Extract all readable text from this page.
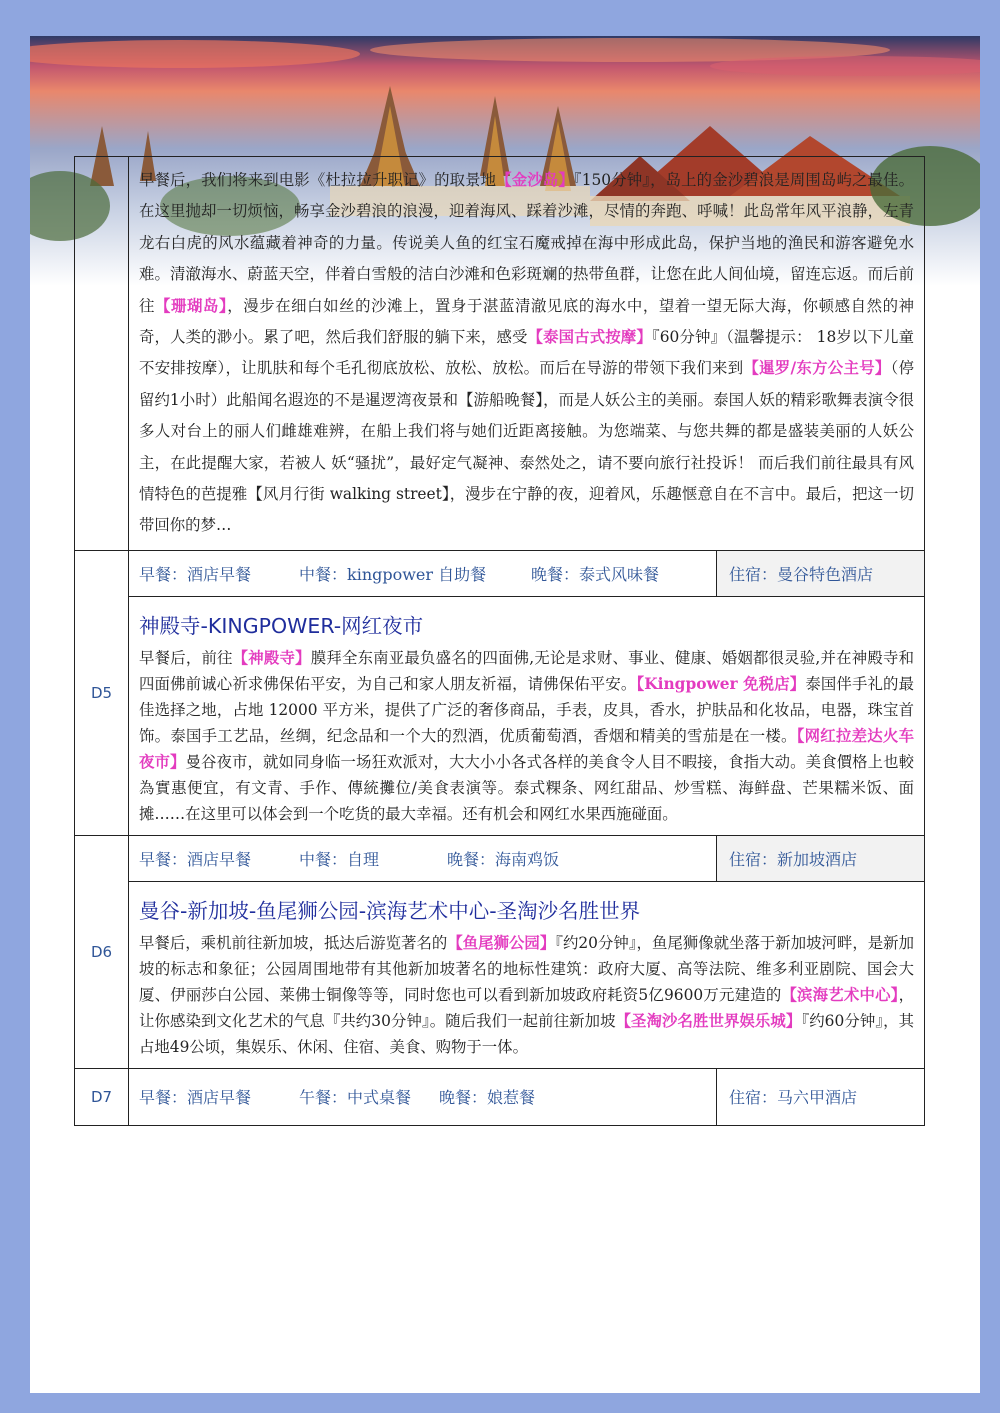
早餐后，我们将来到电影《杜拉拉升职记》的取景地【金沙岛】『150分钟』，岛上的金沙碧浪是周围岛屿之最佳。在这里抛却一切烦恼，畅享金沙碧浪的浪漫，迎着海风、踩着沙滩，尽情的奔跑、呼喊！此岛常年风平浪静，左青龙右白虎的风水蕴藏着神奇的力量。传说美人鱼的红宝石魔戒掉在海中形成此岛，保护当地的渔民和游客避免水难。清澈海水、蔚蓝天空，伴着白雪般的洁白沙滩和色彩斑斓的热带鱼群，让您在此人间仙境，留连忘返。而后前往【珊瑚岛】，漫步在细白如丝的沙滩上，置身于湛蓝清澈见底的海水中，望着一望无际大海，你顿感自然的神奇，人类的渺小。累了吧，然后我们舒服的躺下来，感受【泰国古式按摩】『60分钟』（温馨提示： 18岁以下儿童不安排按摩），让肌肤和每个毛孔彻底放松、放松、放松。而后在导游的带领下我们来到【暹罗/东方公主号】（停留约1小时）此船闻名遐迩的不是暹逻湾夜景和【游船晚餐】，而是人妖公主的美丽。泰国人妖的精彩歌舞表演令很多人对台上的丽人们雌雄难辨，在船上我们将与她们近距离接触。为您端菜、与您共舞的都是盛装美丽的人妖公主，在此提醒大家，若被人 妖“骚扰”，最好定气凝神、泰然处之，请不要向旅行社投诉！ 而后我们前往最具有风情特色的芭提雅【风月行街 walking street】，漫步在宁静的夜，迎着风，乐趣惬意自在不言中。最后，把这一切带回你的梦…
D5
早餐：酒店早餐	中餐：kingpower 自助餐	晚餐：泰式风味餐	住宿：曼谷特色酒店
神殿寺-KINGPOWER-网红夜市
早餐后，前往【神殿寺】膜拜全东南亚最负盛名的四面佛,无论是求财、事业、健康、婚姻都很灵验,并在神殿寺和四面佛前诚心祈求佛保佑平安，为自己和家人朋友祈福，请佛保佑平安。【Kingpower 免税店】泰国伴手礼的最佳选择之地，占地 12000 平方米，提供了广泛的奢侈商品，手表，皮具，香水，护肤品和化妆品，电器，珠宝首饰。泰国手工艺品，丝绸，纪念品和一个大的烈酒，优质葡萄酒，香烟和精美的雪茄是在一楼。【网红拉差达火车夜市】曼谷夜市，就如同身临一场狂欢派对，大大小小各式各样的美食令人目不暇接，食指大动。美食價格上也較為實惠便宜，有文青、手作、傳統攤位/美食表演等。泰式粿条、网红甜品、炒雪糕、海鲜盘、芒果糯米饭、面摊……在这里可以体会到一个吃货的最大幸福。还有机会和网红水果西施碰面。
D6
早餐：酒店早餐	中餐：自理	晚餐：海南鸡饭	住宿：新加坡酒店
曼谷-新加坡-鱼尾狮公园-滨海艺术中心-圣淘沙名胜世界
早餐后，乘机前往新加坡，抵达后游览著名的【鱼尾狮公园】『约20分钟』，鱼尾狮像就坐落于新加坡河畔，是新加坡的标志和象征；公园周围地带有其他新加坡著名的地标性建筑：政府大厦、高等法院、维多利亚剧院、国会大厦、伊丽莎白公园、莱佛士铜像等等，同时您也可以看到新加坡政府耗资5亿9600万元建造的【滨海艺术中心】，让你感染到文化艺术的气息『共约30分钟』。随后我们一起前往新加坡【圣淘沙名胜世界娱乐城】『约60分钟』，其占地49公顷，集娱乐、休闲、住宿、美食、购物于一体。
D7	早餐：酒店早餐	午餐：中式桌餐	晚餐：娘惹餐	住宿：马六甲酒店
